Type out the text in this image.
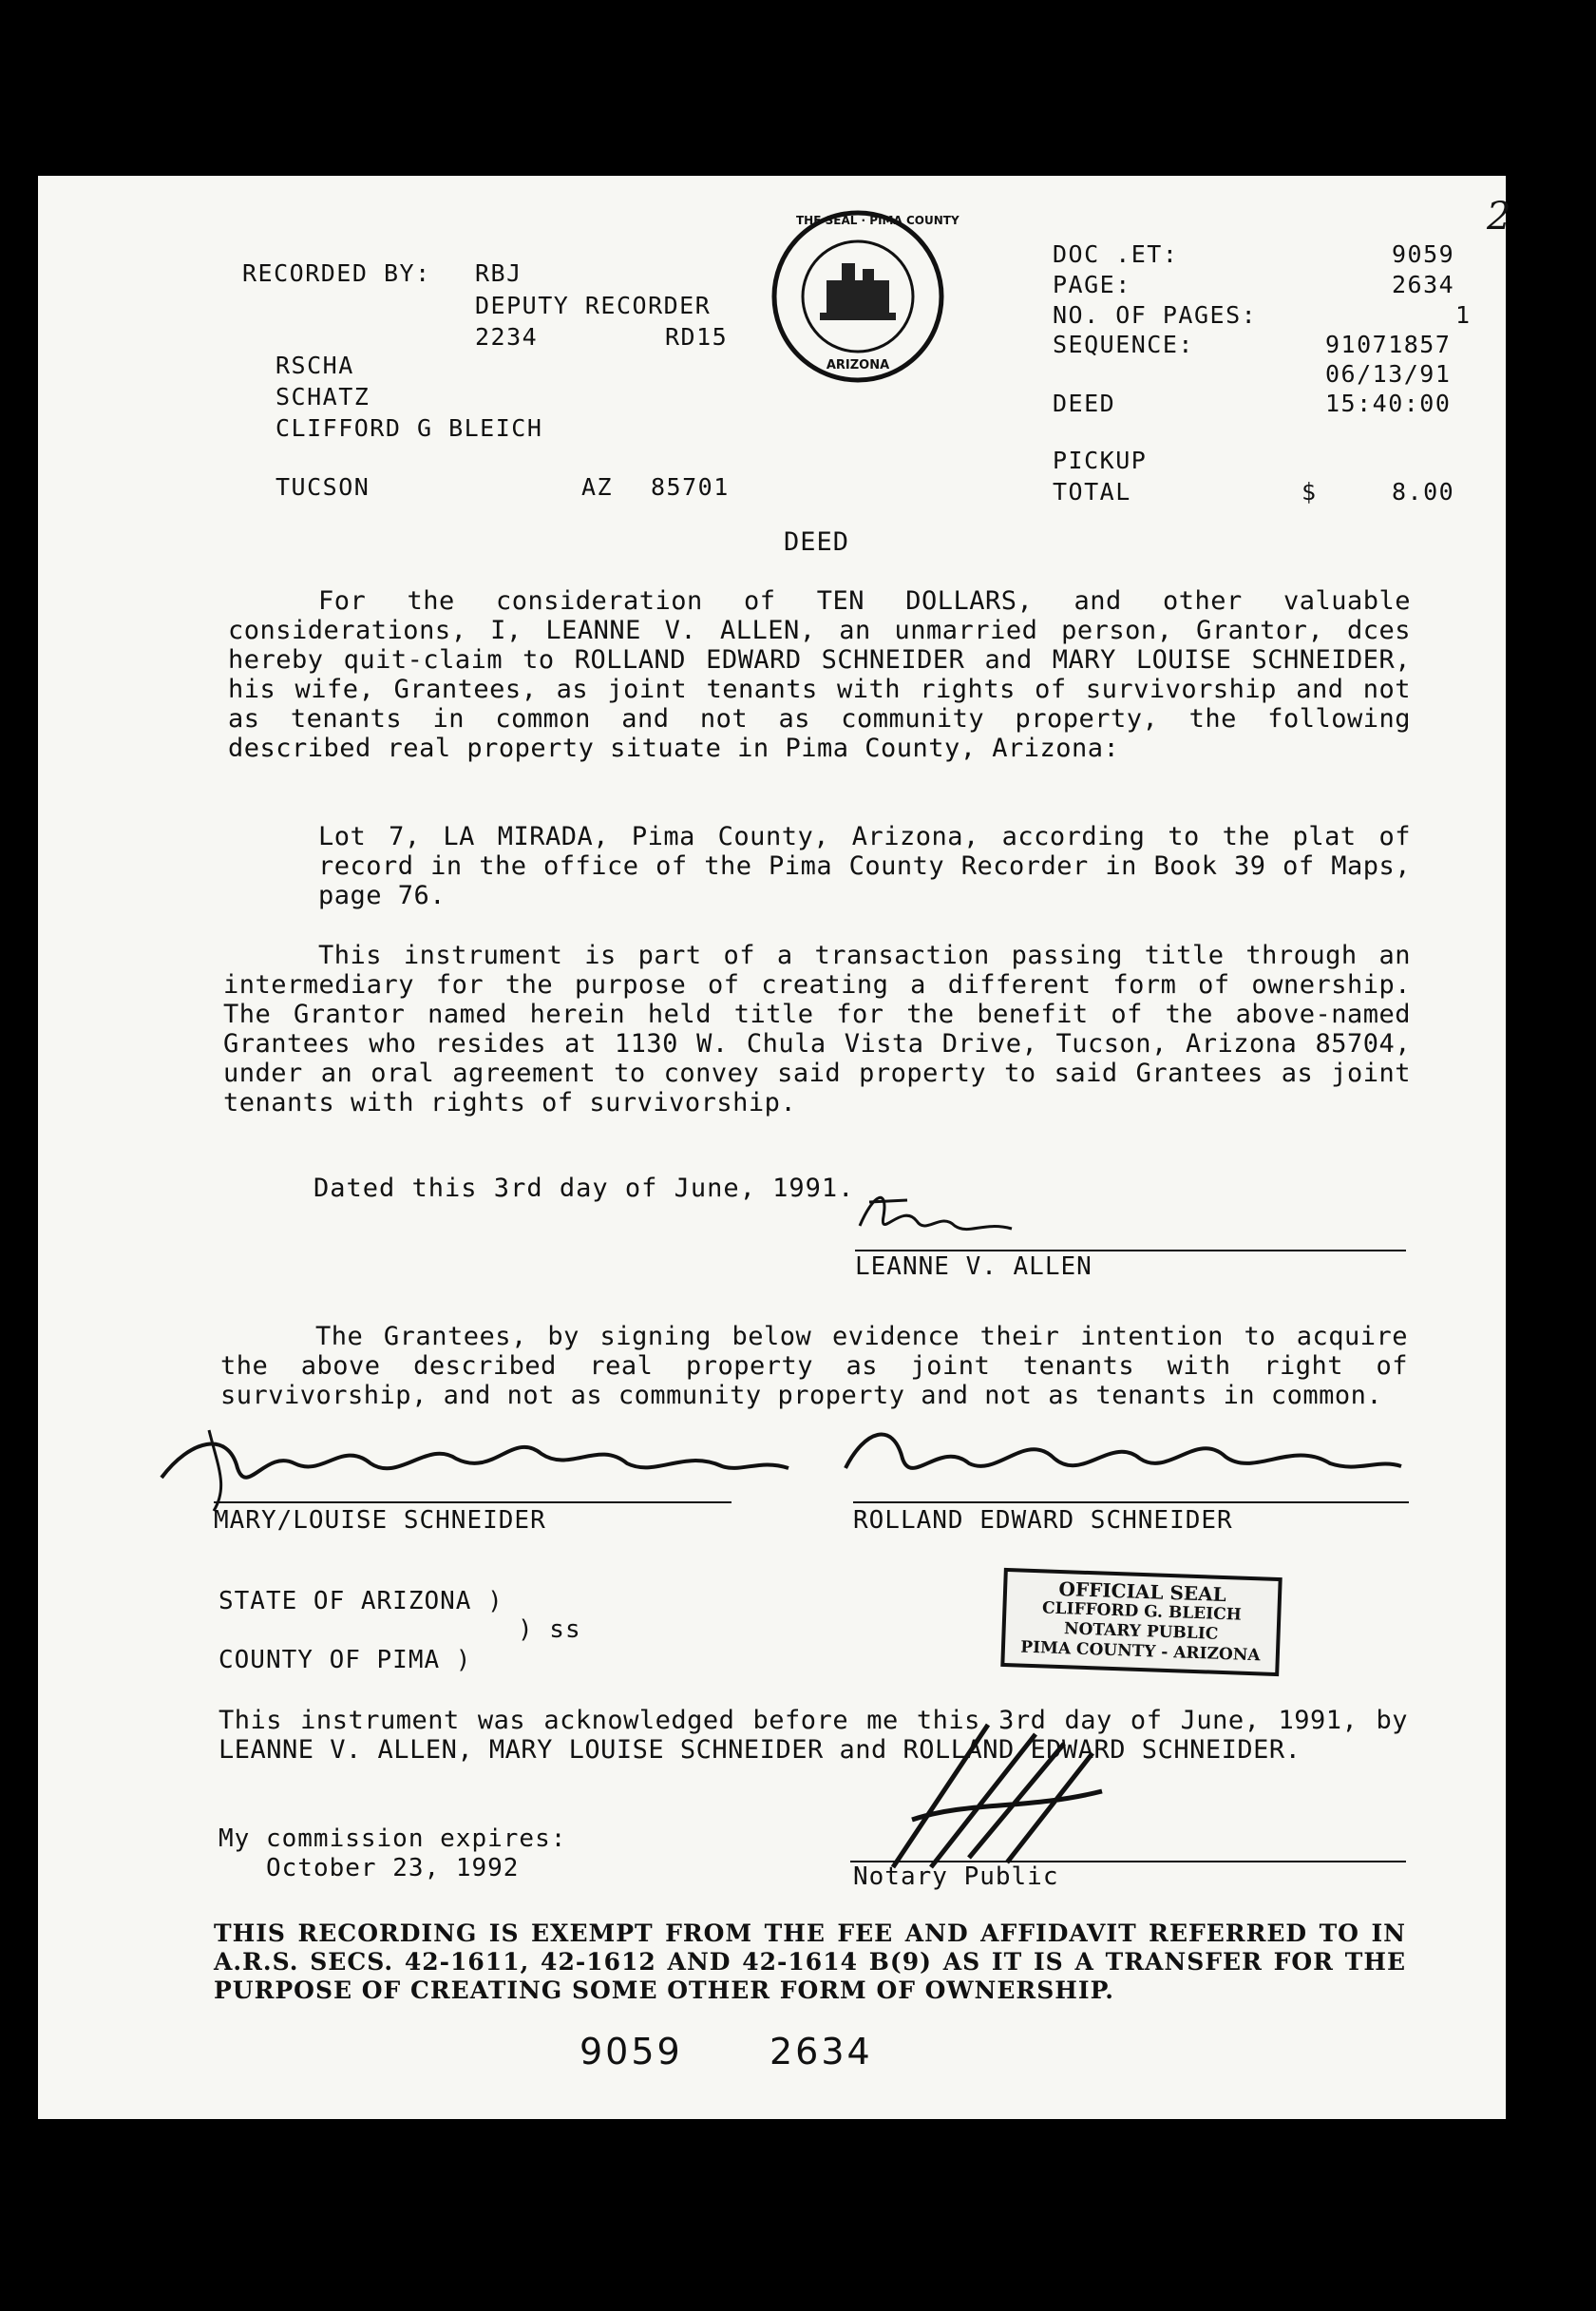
2
RECORDED BY: RBJ
DEPUTY RECORDER
2234	RD15
RSCHA
SCHATZ
CLIFFORD G BLEICH
TUCSON	AZ 85701
THE SEAL · PIMA COUNTY
ARIZONA
DOC .ET:	9059
PAGE:	2634
NO. OF PAGES:	1
SEQUENCE:	91071857
06/13/91
DEED	15:40:00
PICKUP
TOTAL	$	8.00
DEED
For the consideration of TEN DOLLARS, and other valuable considerations, I, LEANNE V. ALLEN, an unmarried person, Grantor, dces hereby quit-claim to ROLLAND EDWARD SCHNEIDER and MARY LOUISE SCHNEIDER, his wife, Grantees, as joint tenants with rights of survivorship and not as tenants in common and not as community property, the following described real property situate in Pima County, Arizona:
Lot 7, LA MIRADA, Pima County, Arizona, according to the plat of record in the office of the Pima County Recorder in Book 39 of Maps, page 76.
This instrument is part of a transaction passing title through an intermediary for the purpose of creating a different form of ownership. The Grantor named herein held title for the benefit of the above-named Grantees who resides at 1130 W. Chula Vista Drive, Tucson, Arizona 85704, under an oral agreement to convey said property to said Grantees as joint tenants with rights of survivorship.
Dated this 3rd day of June, 1991.
LEANNE V. ALLEN
The Grantees, by signing below evidence their intention to acquire the above described real property as joint tenants with right of survivorship, and not as community property and not as tenants in common.
MARY/LOUISE SCHNEIDER	ROLLAND EDWARD SCHNEIDER
STATE OF ARIZONA )
) ss
COUNTY OF PIMA )
OFFICIAL SEAL
CLIFFORD G. BLEICH
NOTARY PUBLIC
PIMA COUNTY - ARIZONA
This instrument was acknowledged before me this 3rd day of June, 1991, by LEANNE V. ALLEN, MARY LOUISE SCHNEIDER and ROLLAND EDWARD SCHNEIDER.
My commission expires:
October 23, 1992	Notary Public
THIS RECORDING IS EXEMPT FROM THE FEE AND AFFIDAVIT REFERRED TO IN A.R.S. SECS. 42-1611, 42-1612 AND 42-1614 B(9) AS IT IS A TRANSFER FOR THE PURPOSE OF CREATING SOME OTHER FORM OF OWNERSHIP.
9059 2634
